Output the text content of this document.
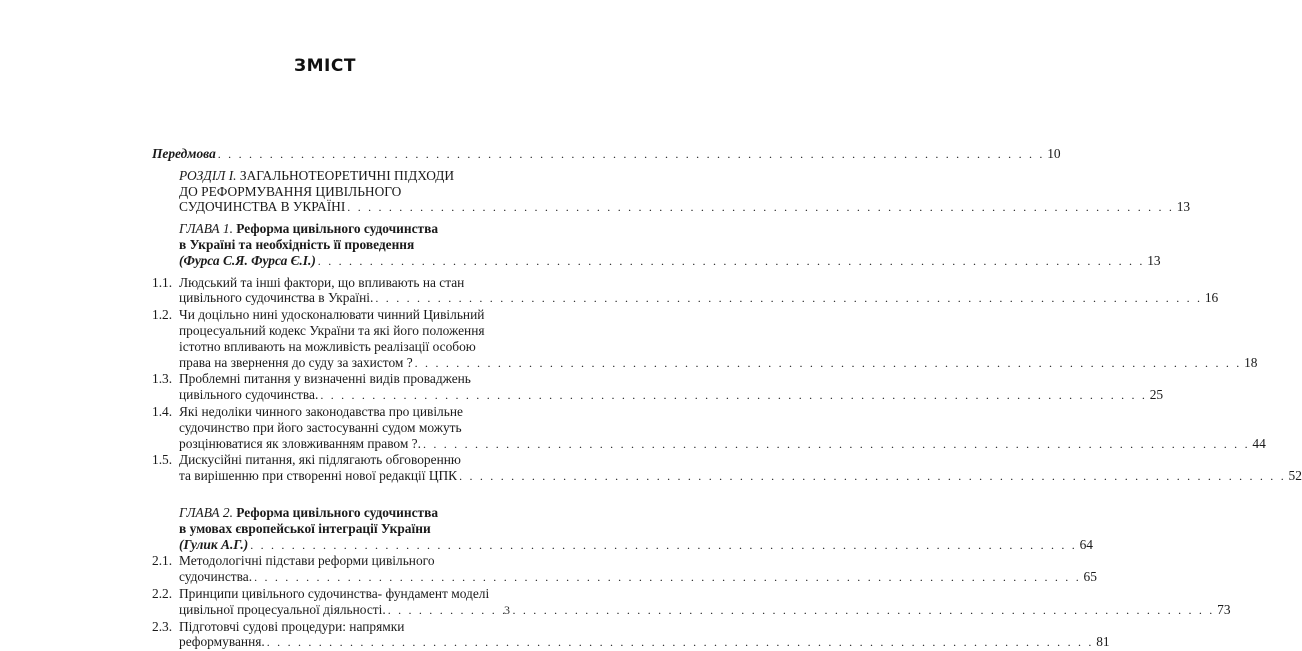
ЗМІСТ
Передмова . . .	10
РОЗДІЛ І. ЗАГАЛЬНОТЕОРЕТИЧНІ ПІДХОДИ
ДО РЕФОРМУВАННЯ ЦИВІЛЬНОГО
СУДОЧИНСТВА В УКРАЇНІ . . .	13
ГЛАВА 1. Реформа цивільного судочинства
в Україні та необхідність її проведення
(Фурса С.Я. Фурса Є.І.) . . .	13
1.1. Людський та інші фактори, що впливають на стан
цивільного судочинства в Україні. . . .	16
1.2. Чи доцільно нині удосконалювати чинний Цивільний
процесуальний кодекс України та які його положення
істотно впливають на можливість реалізації особою
права на звернення до суду за захистом ? . . .	18
1.3. Проблемні питання у визначенні видів проваджень
цивільного судочинства. . . .	25
1.4. Які недоліки чинного законодавства про цивільне
судочинство при його застосуванні судом можуть
розцінюватися як зловживанням правом ?. . . .	44
1.5. Дискусійні питання, які підлягають обговоренню
та вирішенню при створенні нової редакції ЦПК . . .	52
ГЛАВА 2. Реформа цивільного судочинства
в умовах європейської інтеграції України
(Гулик А.Г.) . . .	64
2.1. Методологічні підстави реформи цивільного
судочинства. . . .	65
2.2. Принципи цивільного судочинства- фундамент моделі
цивільної процесуальної діяльності. . . .	73
2.3. Підготовчі судові процедури: напрямки
реформування. . . .	81
3
